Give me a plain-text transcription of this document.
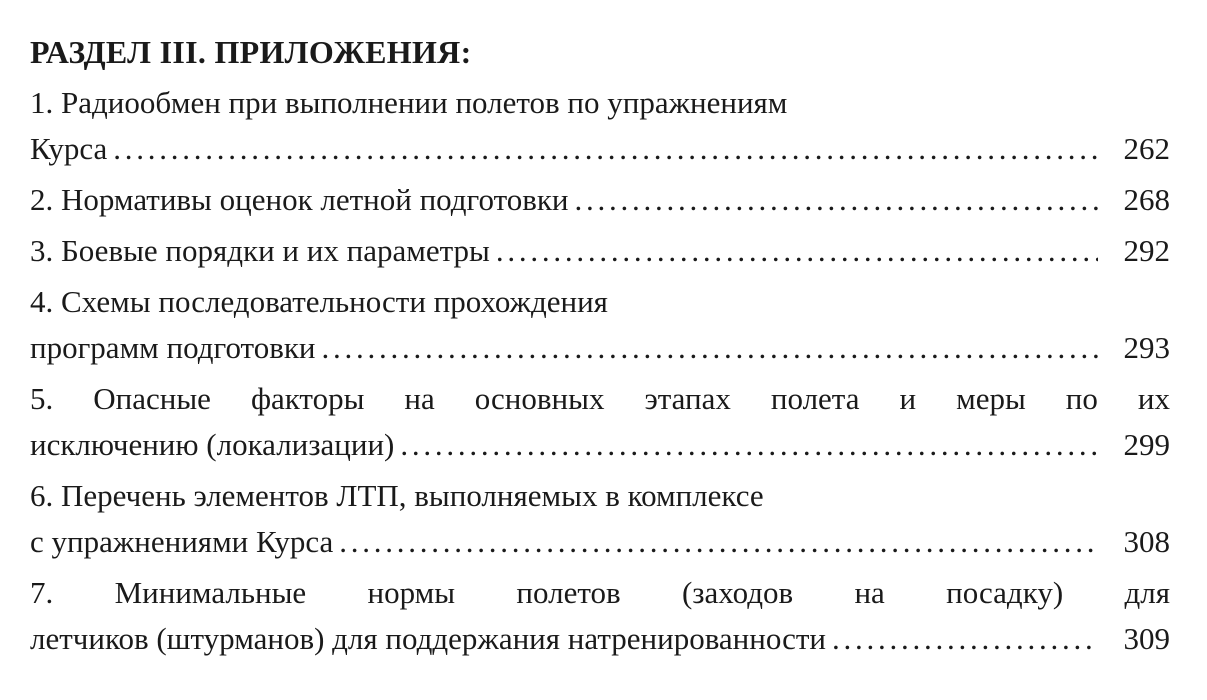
РАЗДЕЛ III. ПРИЛОЖЕНИЯ:
1. Радиообмен при выполнении полетов по упражнениям
Курса . . .	262
2. Нормативы оценок летной подготовки . . .	268
3. Боевые порядки и их параметры . . .	292
4. Схемы последовательности прохождения
программ подготовки . . .	293
5. Опасные факторы на основных этапах полета и меры по их
исключению (локализации) . . .	299
6. Перечень элементов ЛТП, выполняемых в комплексе
с упражнениями Курса . . .	308
7. Минимальные нормы полетов (заходов на посадку) для
летчиков (штурманов) для поддержания натренированности . . .	309
